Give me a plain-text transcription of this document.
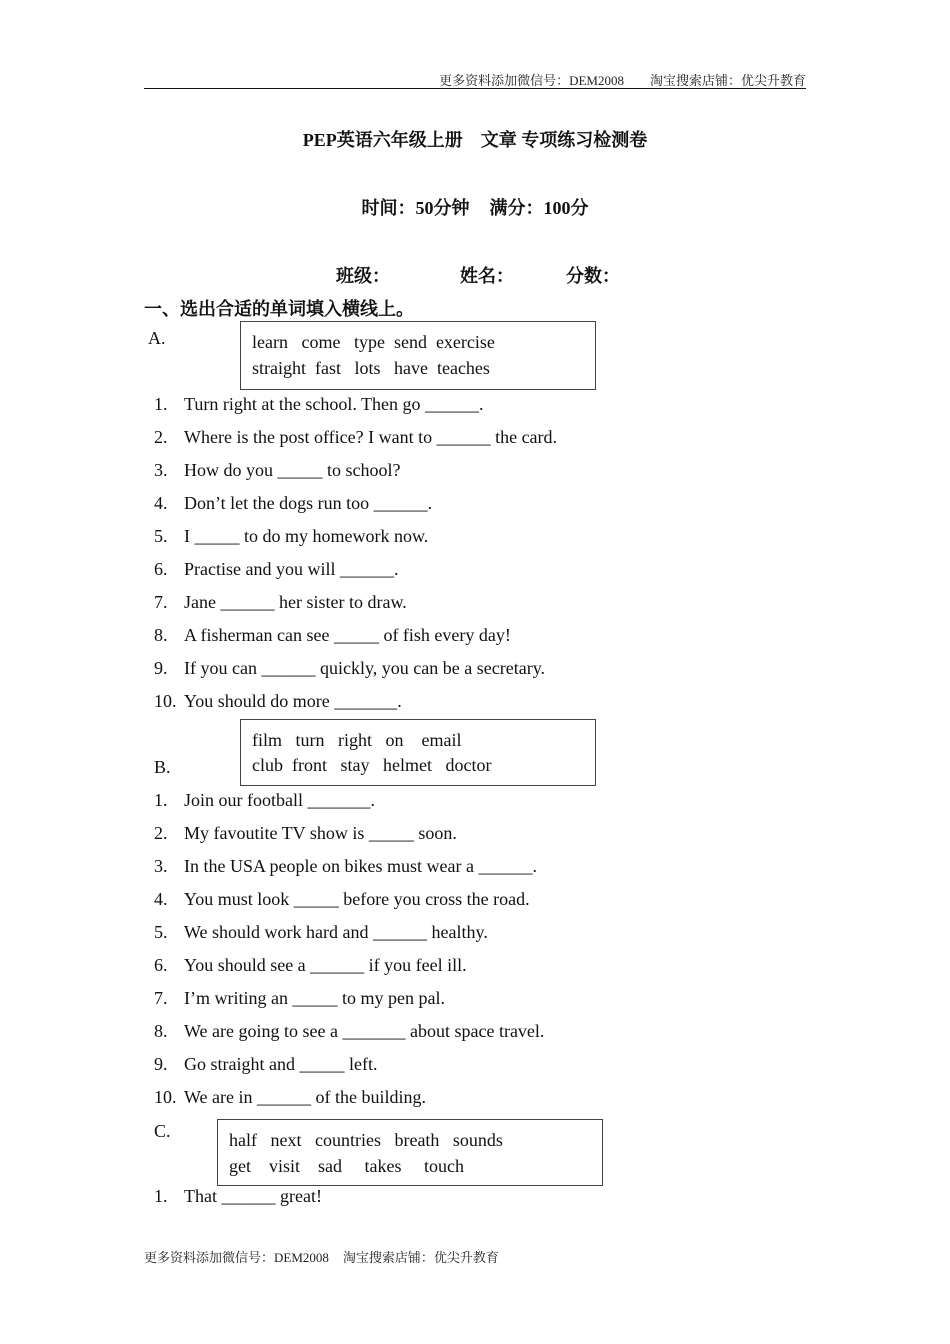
更多资料添加微信号：DEM2008 淘宝搜索店铺：优尖升教育
PEP英语六年级上册 文章 专项练习检测卷
时间：50分钟 满分：100分
班级：	姓名：	分数：
一、选出合适的单词填入横线上。
A.	learn   come   type  send  exercise
straight  fast   lots   have  teaches
1. Turn right at the school. Then go ______.
2. Where is the post office? I want to ______ the card.
3. How do you _____ to school?
4. Don’t let the dogs run too ______.
5. I _____ to do my homework now.
6. Practise and you will ______.
7. Jane ______ her sister to draw.
8. A fisherman can see _____ of fish every day!
9. If you can ______ quickly, you can be a secretary.
10. You should do more _______.
film   turn   right   on    email
club  front   stay   helmet   doctor
B.
1. Join our football _______.
2. My favoutite TV show is _____ soon.
3. In the USA people on bikes must wear a ______.
4. You must look _____ before you cross the road.
5. We should work hard and ______ healthy.
6. You should see a ______ if you feel ill.
7. I’m writing an _____ to my pen pal.
8. We are going to see a _______ about space travel.
9. Go straight and _____ left.
10. We are in ______ of the building.
C.	half   next   countries   breath   sounds
get    visit    sad     takes     touch
1. That ______ great!
更多资料添加微信号：DEM2008 淘宝搜索店铺：优尖升教育
